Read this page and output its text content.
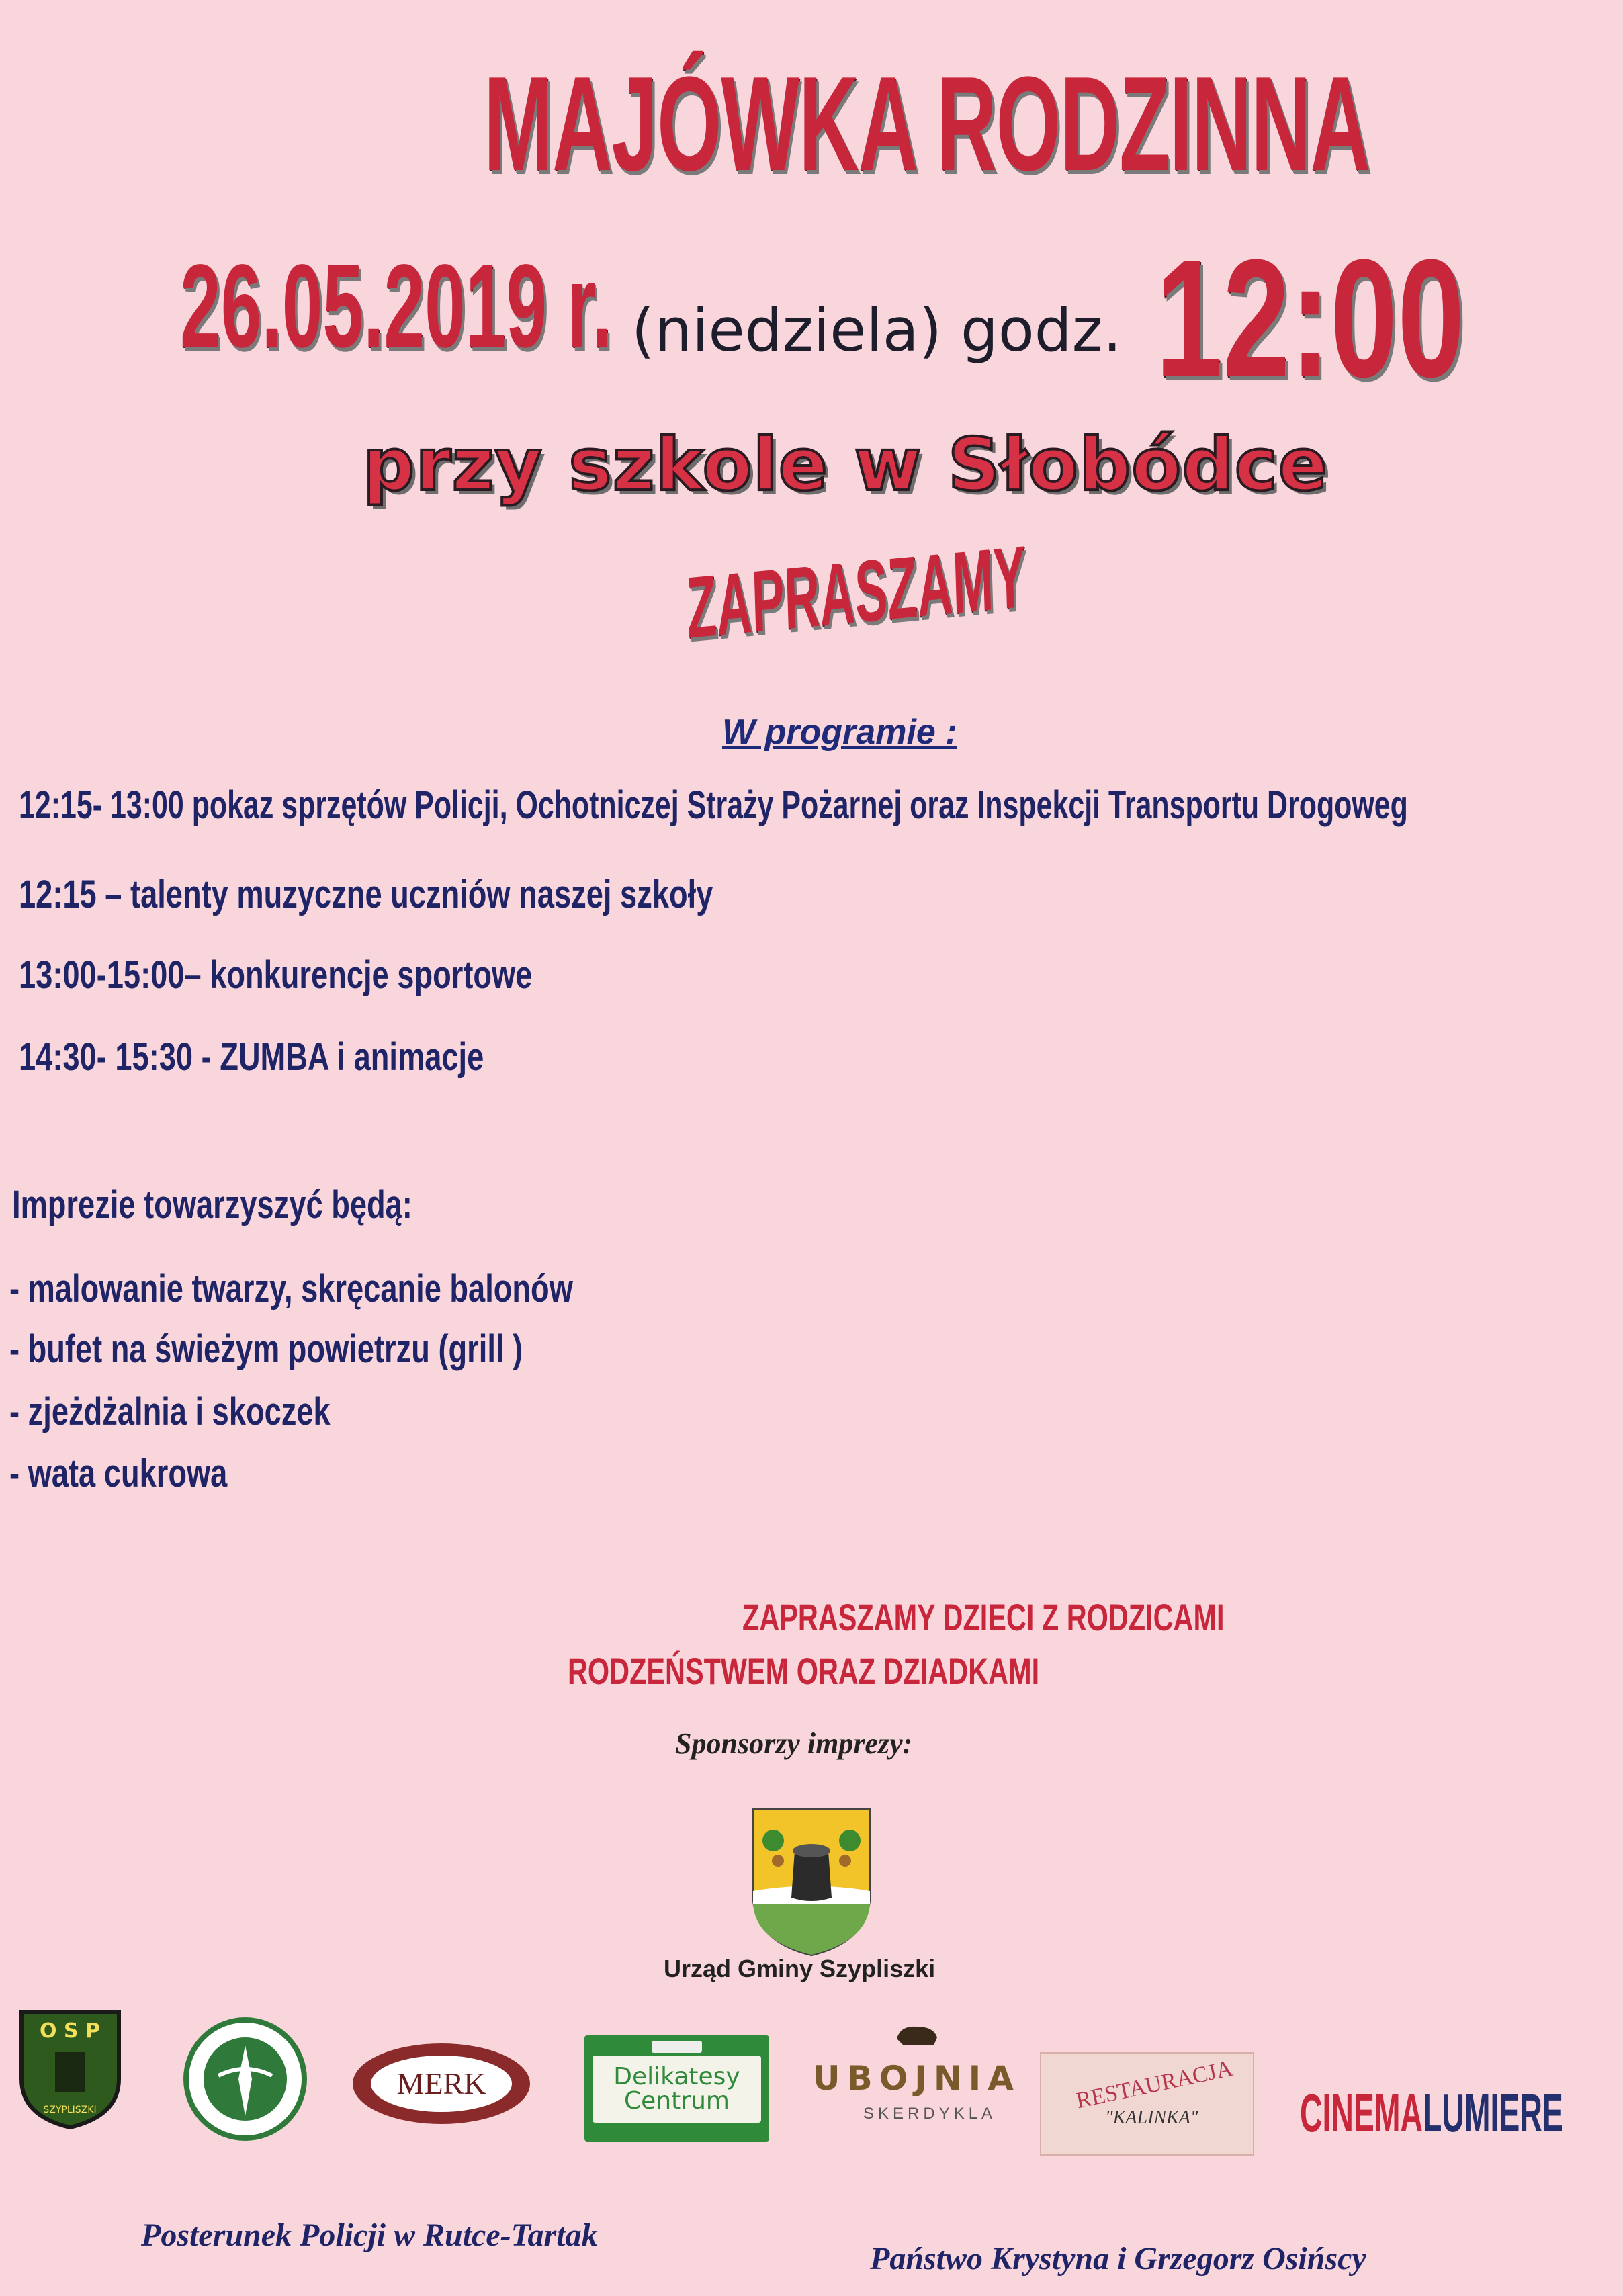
MAJÓWKA RODZINNA
26.05.2019 r. (niedziela) godz. 12:00
przy szkole w Słobódce
ZAPRASZAMY
W programie :
12:15- 13:00 pokaz sprzętów Policji, Ochotniczej Straży Pożarnej oraz Inspekcji Transportu Drogoweg
12:15 – talenty muzyczne uczniów naszej szkoły
13:00-15:00– konkurencje sportowe
14:30- 15:30 - ZUMBA i animacje
Imprezie towarzyszyć będą:
- malowanie twarzy, skręcanie balonów
- bufet na świeżym powietrzu (grill )
- zjeżdżalnia i skoczek
- wata cukrowa
ZAPRASZAMY DZIECI Z RODZICAMI
RODZEŃSTWEM ORAZ DZIADKAMI
Sponsorzy imprezy:
Urząd Gminy Szypliszki
O S P
SZYPLISZKI
MERK	Delikatesy
Centrum
UBOJNIA
SKERDYKLA
RESTAURACJA
"KALINKA" CINEMALUMIERE
Posterunek Policji w Rutce-Tartak
Państwo Krystyna i Grzegorz Osińscy
